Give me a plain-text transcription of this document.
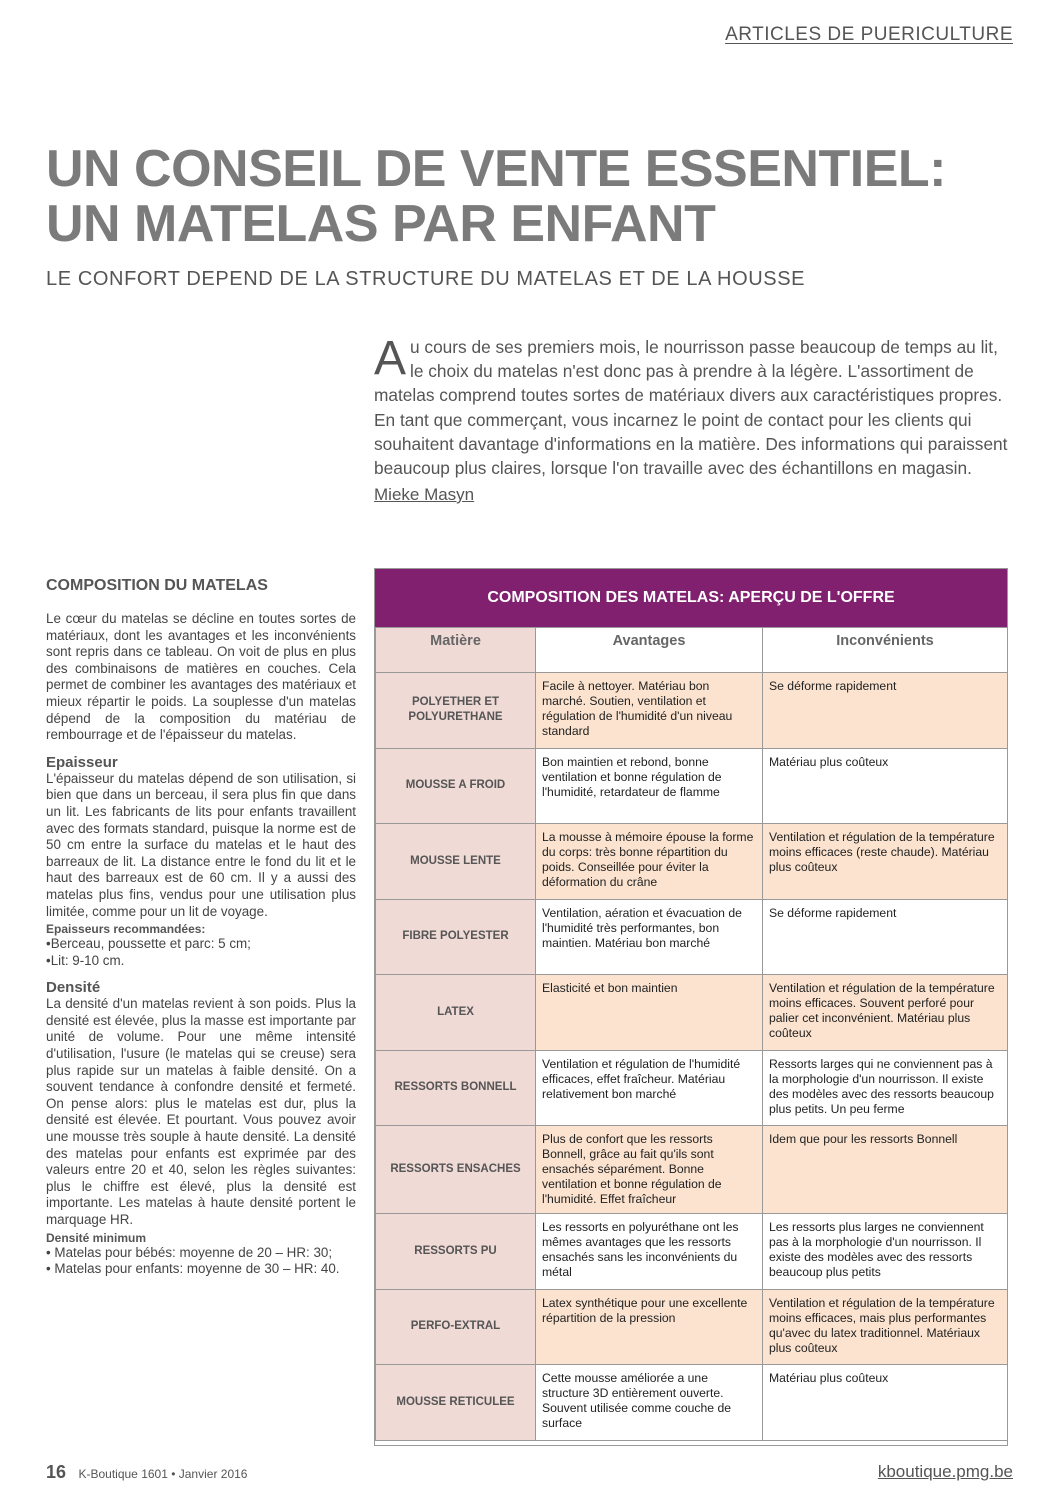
ARTICLES DE PUERICULTURE
UN CONSEIL DE VENTE ESSENTIEL:
UN MATELAS PAR ENFANT
LE CONFORT DEPEND DE LA STRUCTURE DU MATELAS ET DE LA HOUSSE
Au cours de ses premiers mois, le nourrisson passe beaucoup de temps au lit, le choix du matelas n'est donc pas à prendre à la légère. L'assortiment de matelas comprend toutes sortes de matériaux divers aux caractéristiques propres. En tant que commerçant, vous incarnez le point de contact pour les clients qui souhaitent davantage d'informations en la matière. Des informations qui paraissent beaucoup plus claires, lorsque l'on travaille avec des échantillons en magasin.
Mieke Masyn
COMPOSITION DU MATELAS

Le cœur du matelas se décline en toutes sortes de matériaux, dont les avantages et les inconvénients sont repris dans ce tableau. On voit de plus en plus des combinaisons de matières en couches. Cela permet de combiner les avantages des matériaux et mieux répartir le poids. La souplesse d'un matelas dépend de la composition du matériau de rembourrage et de l'épaisseur du matelas.

Epaisseur

L'épaisseur du matelas dépend de son utilisation, si bien que dans un berceau, il sera plus fin que dans un lit. Les fabricants de lits pour enfants travaillent avec des formats standard, puisque la norme est de 50 cm entre la surface du matelas et le haut des barreaux de lit. La distance entre le fond du lit et le haut des barreaux est de 60 cm. Il y a aussi des matelas plus fins, vendus pour une utilisation plus limitée, comme pour un lit de voyage.

Epaisseurs recommandées:
•Berceau, poussette et parc: 5 cm;
•Lit: 9-10 cm.
Densité

La densité d'un matelas revient à son poids. Plus la densité est élevée, plus la masse est importante par unité de volume. Pour une même intensité d'utilisation, l'usure (le matelas qui se creuse) sera plus rapide sur un matelas à faible densité. On a souvent tendance à confondre densité et fermeté. On pense alors: plus le matelas est dur, plus la densité est élevée. Et pourtant. Vous pouvez avoir une mousse très souple à haute densité. La densité des matelas pour enfants est exprimée par des valeurs entre 20 et 40, selon les règles suivantes: plus le chiffre est élevé, plus la densité est importante. Les matelas à haute densité portent le marquage HR.

Densité minimum
• Matelas pour bébés: moyenne de 20 – HR: 30;
• Matelas pour enfants: moyenne de 30 – HR: 40.
COMPOSITION DES MATELAS: APERÇU DE L'OFFRE
Matière	Avantages	Inconvénients
POLYETHER ET POLYURETHANE	Facile à nettoyer. Matériau bon marché. Soutien, ventilation et régulation de l'humidité d'un niveau standard	Se déforme rapidement
MOUSSE A FROID	Bon maintien et rebond, bonne ventilation et bonne régulation de l'humidité, retardateur de flamme	Matériau plus coûteux
MOUSSE LENTE	La mousse à mémoire épouse la forme du corps: très bonne répartition du poids. Conseillée pour éviter la déformation du crâne	Ventilation et régulation de la température moins efficaces (reste chaude). Matériau plus coûteux
FIBRE POLYESTER	Ventilation, aération et évacuation de l'humidité très performantes, bon maintien. Matériau bon marché	Se déforme rapidement
LATEX	Elasticité et bon maintien	Ventilation et régulation de la température moins efficaces. Souvent perforé pour palier cet inconvénient. Matériau plus coûteux
RESSORTS BONNELL	Ventilation et régulation de l'humidité efficaces, effet fraîcheur. Matériau relativement bon marché	Ressorts larges qui ne conviennent pas à la morphologie d'un nourrisson. Il existe des modèles avec des ressorts beaucoup plus petits. Un peu ferme
RESSORTS ENSACHES	Plus de confort que les ressorts Bonnell, grâce au fait qu'ils sont ensachés séparément. Bonne ventilation et bonne régulation de l'humidité. Effet fraîcheur	Idem que pour les ressorts Bonnell
RESSORTS PU	Les ressorts en polyuréthane ont les mêmes avantages que les ressorts ensachés sans les inconvénients du métal	Les ressorts plus larges ne conviennent pas à la morphologie d'un nourrisson. Il existe des modèles avec des ressorts beaucoup plus petits
PERFO-EXTRAL	Latex synthétique pour une excellente répartition de la pression	Ventilation et régulation de la température moins efficaces, mais plus performantes qu'avec du latex traditionnel. Matériaux plus coûteux
MOUSSE RETICULEE	Cette mousse améliorée a une structure 3D entièrement ouverte. Souvent utilisée comme couche de surface	Matériau plus coûteux
16 K-Boutique 1601 • Janvier 2016	kboutique.pmg.be
